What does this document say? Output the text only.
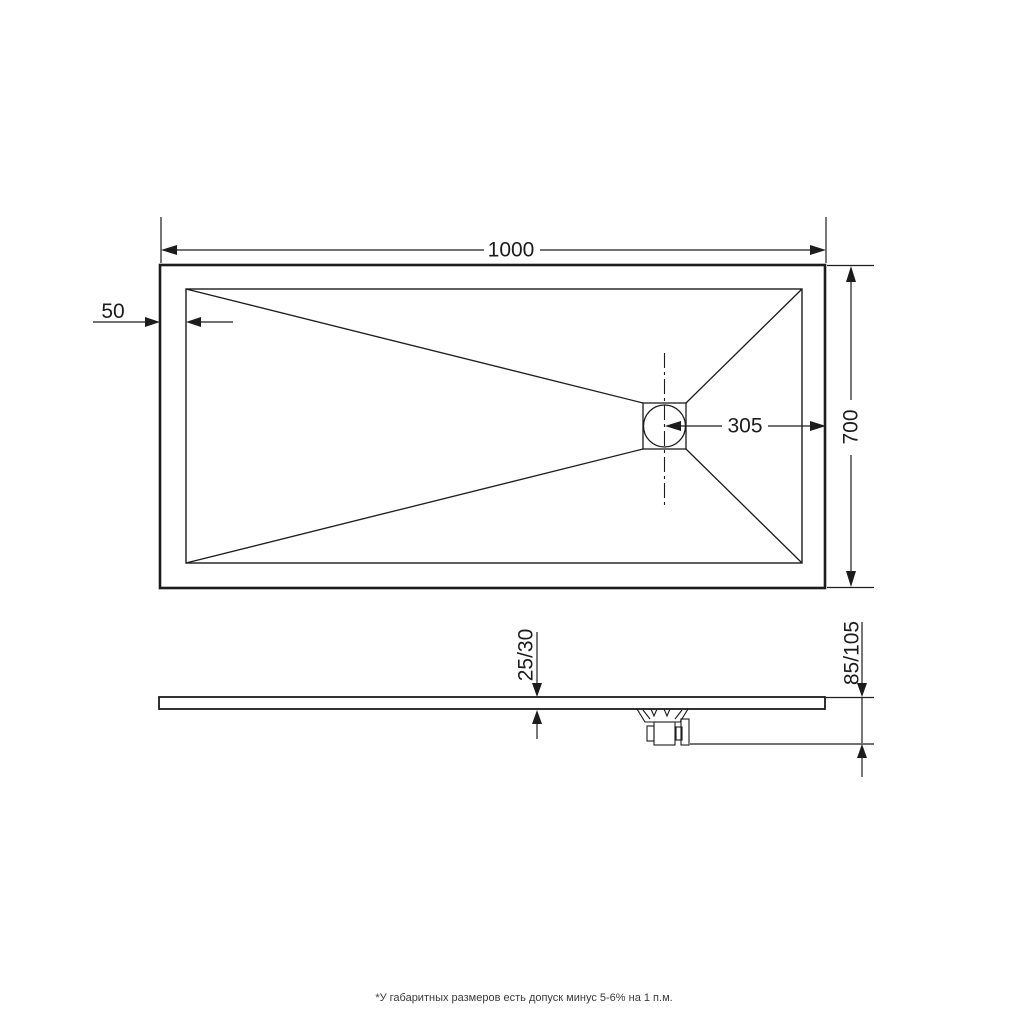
1000
50
305	700
25/30	85/105
*У габаритных размеров есть допуск минус 5-6% на 1 п.м.
